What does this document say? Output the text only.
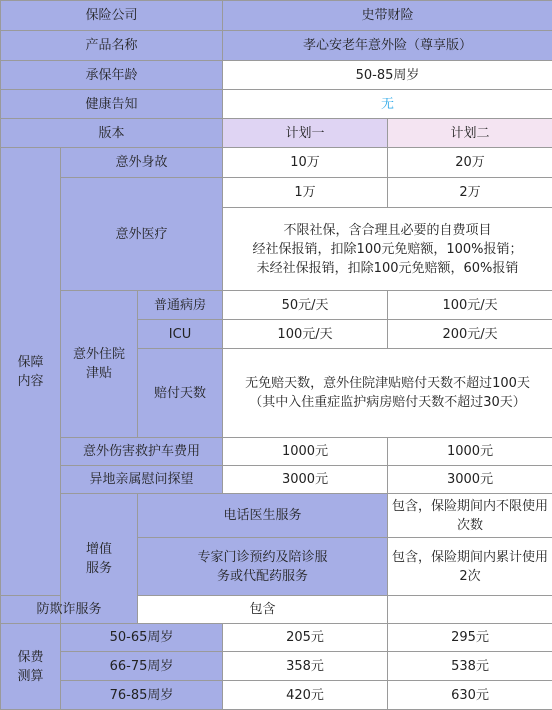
保险公司			史带财险	
产品名称			孝心安老年意外险（尊享版）	
承保年龄			50-85周岁	
健康告知			无	
版本			计划一	计划二
保障
内容	意外身故		10万	20万
	意外医疗		1万	2万
			不限社保，含合理且必要的自费项目
经社保报销，扣除100元免赔额，100%报销；
未经社保报销，扣除100元免赔额，60%报销	
	意外住院
津贴	普通病房	50元/天	100元/天
		ICU	100元/天	200元/天
		赔付天数	无免赔天数，意外住院津贴赔付天数不超过100天
（其中入住重症监护病房赔付天数不超过30天）	
	意外伤害救护车费用		1000元	1000元
	异地亲属慰问探望		3000元	3000元
	增值
服务	电话医生服务		包含，保险期间内不限使用次数
		专家门诊预约及陪诊服
务或代配药服务		包含，保险期间内累计使用2次
防欺诈服务		包含		
保费
测算	50-65周岁		205元	295元
	66-75周岁		358元	538元
	76-85周岁		420元	630元
